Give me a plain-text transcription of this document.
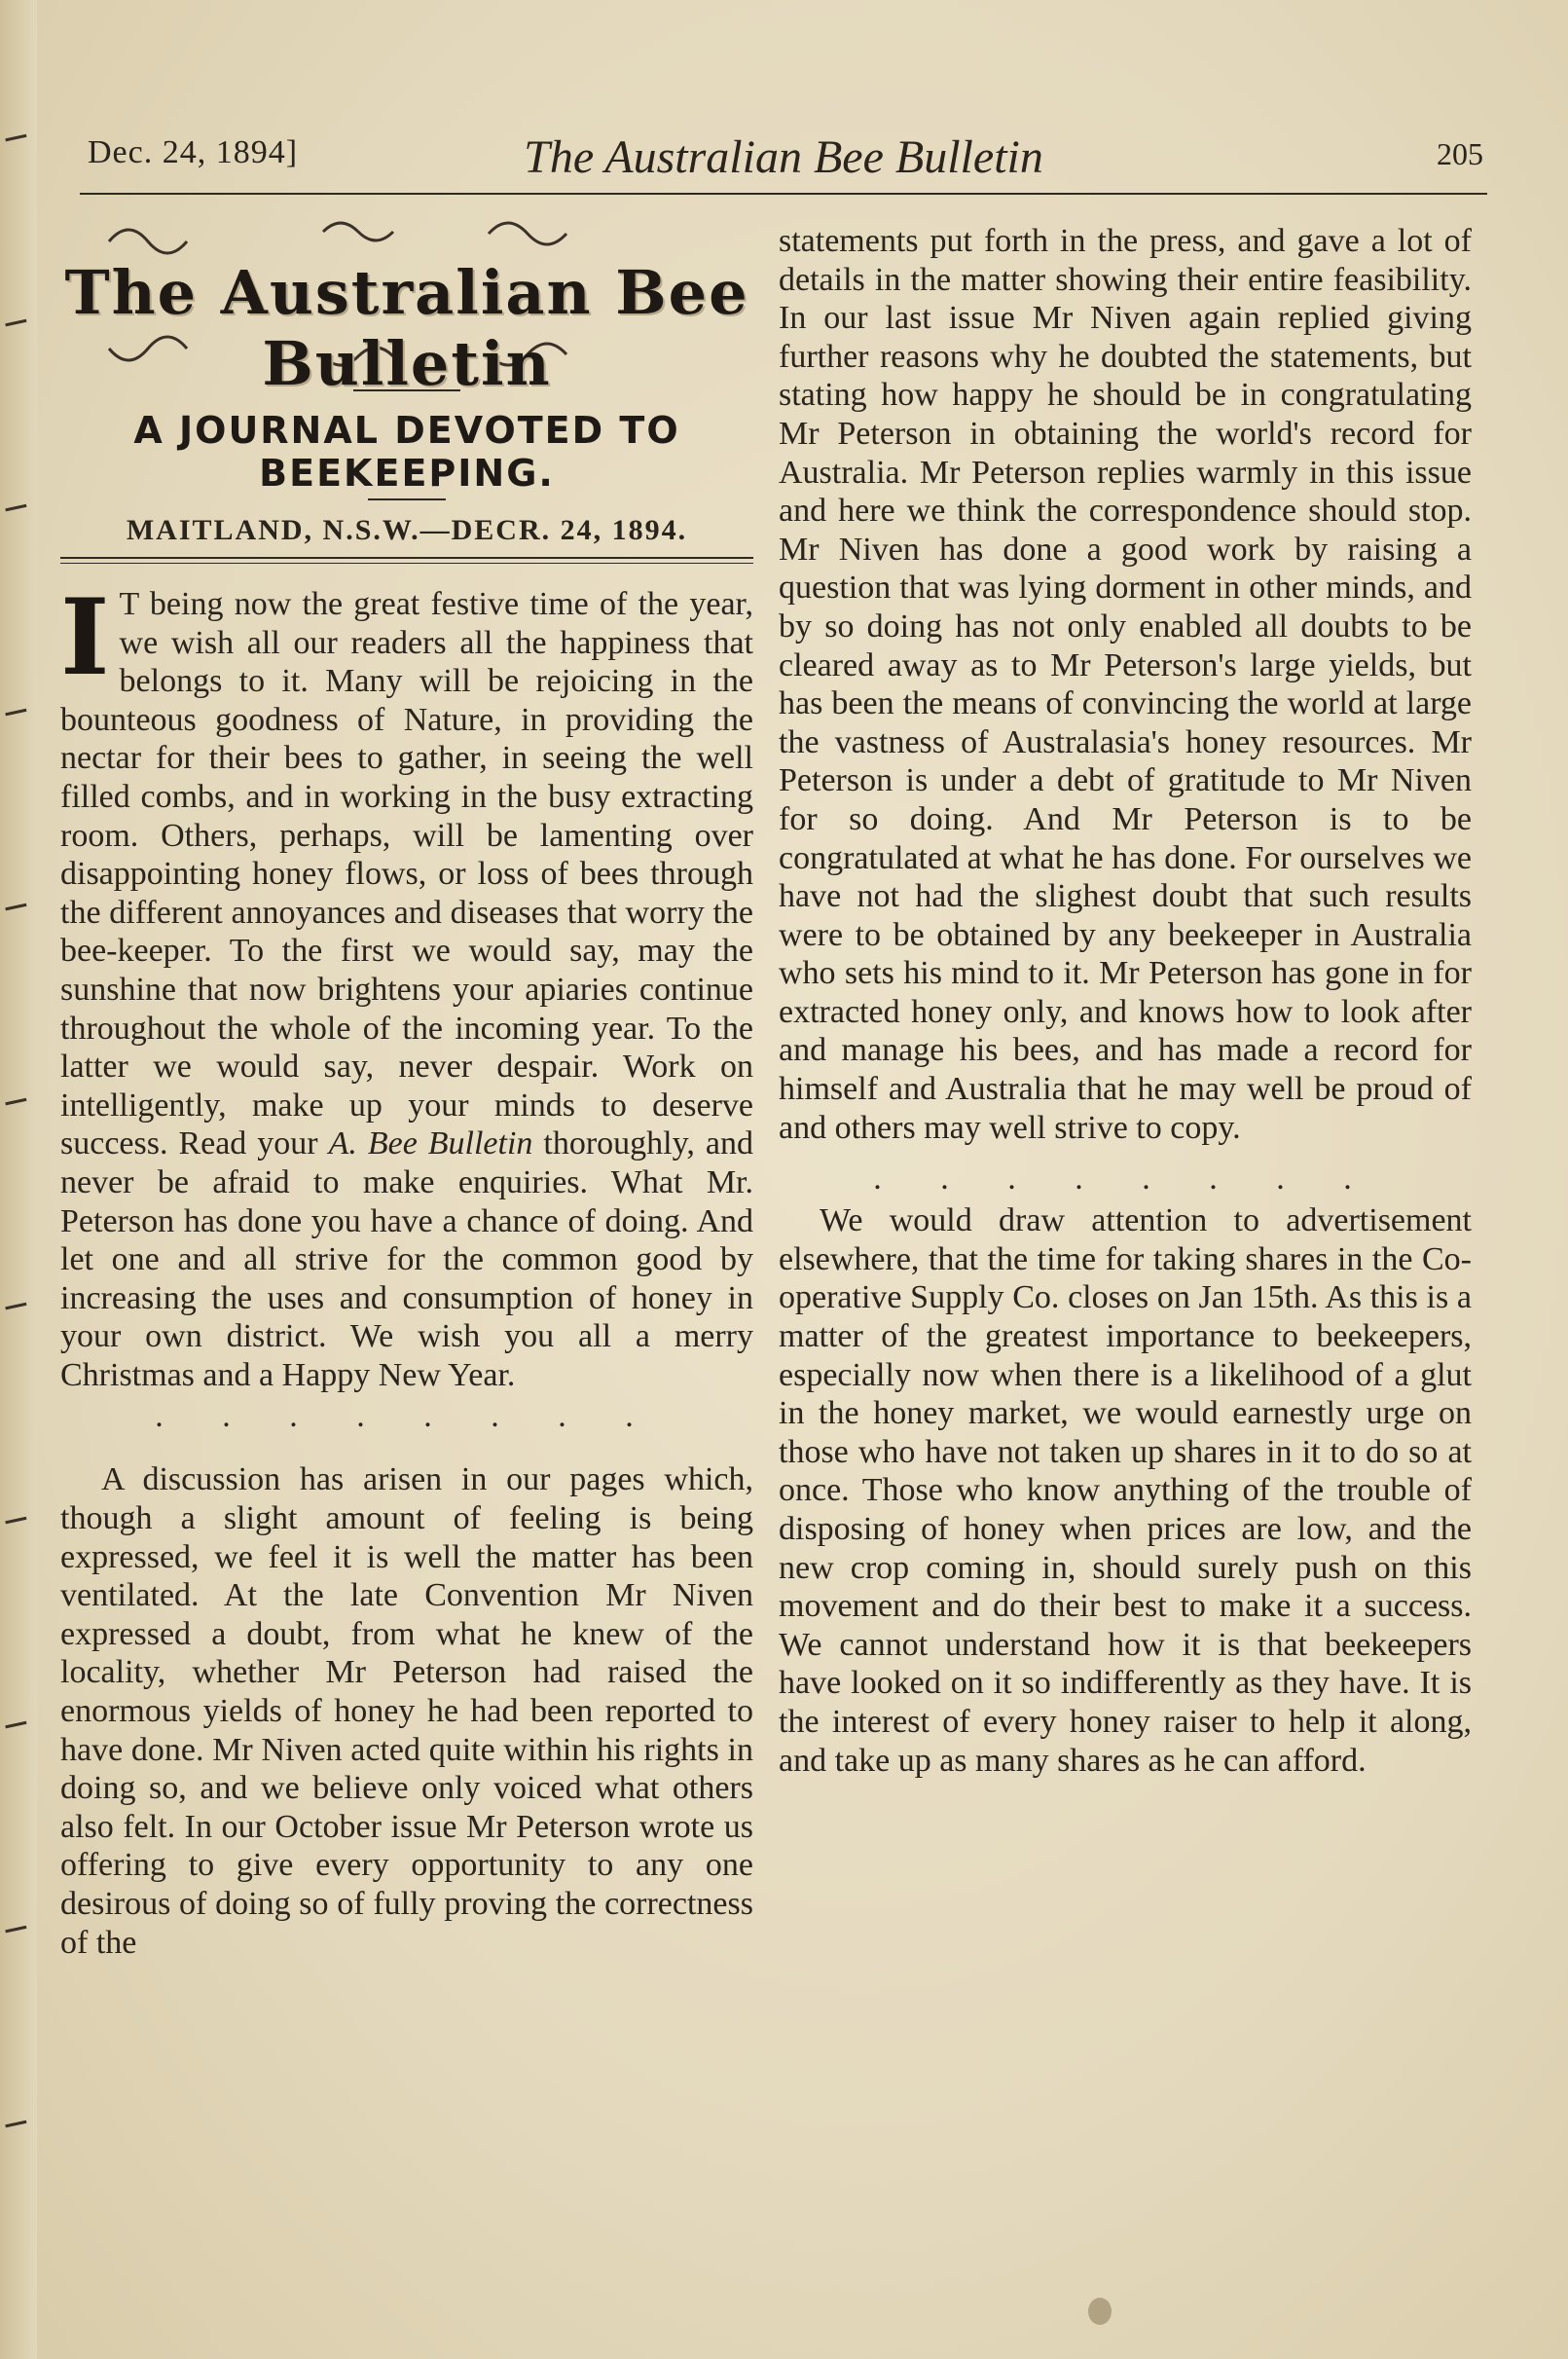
Dec. 24, 1894]	The Australian Bee Bulletin	205
The Australian Bee Bulletin
A JOURNAL DEVOTED TO BEEKEEPING.
MAITLAND, N.S.W.—DECR. 24, 1894.

I T being now the great festive time of the year, we wish all our readers all the happiness that belongs to it. Many will be rejoicing in the bounteous goodness of Nature, in providing the nectar for their bees to gather, in seeing the well filled combs, and in working in the busy extracting room. Others, perhaps, will be lamenting over disappointing honey flows, or loss of bees through the different annoyances and diseases that worry the bee-keeper. To the first we would say, may the sunshine that now brightens your apiaries continue throughout the whole of the incoming year. To the latter we would say, never despair. Work on intelligently, make up your minds to deserve success. Read your A. Bee Bulletin thoroughly, and never be afraid to make enquiries. What Mr. Peterson has done you have a chance of doing. And let one and all strive for the common good by increasing the uses and consumption of honey in your own district. We wish you all a merry Christmas and a Happy New Year.

. . . . . . . .

A discussion has arisen in our pages which, though a slight amount of feeling is being expressed, we feel it is well the matter has been ventilated. At the late Convention Mr Niven expressed a doubt, from what he knew of the locality, whether Mr Peterson had raised the enormous yields of honey he had been reported to have done. Mr Niven acted quite within his rights in doing so, and we believe only voiced what others also felt. In our October issue Mr Peterson wrote us offering to give every opportunity to any one desirous of doing so of fully proving the correctness of the

statements put forth in the press, and gave a lot of details in the matter showing their entire feasibility. In our last issue Mr Niven again replied giving further reasons why he doubted the statements, but stating how happy he should be in congratulating Mr Peterson in obtaining the world's record for Australia. Mr Peterson replies warmly in this issue and here we think the correspondence should stop. Mr Niven has done a good work by raising a question that was lying dorment in other minds, and by so doing has not only enabled all doubts to be cleared away as to Mr Peterson's large yields, but has been the means of convincing the world at large the vastness of Australasia's honey resources. Mr Peterson is under a debt of gratitude to Mr Niven for so doing. And Mr Peterson is to be congratulated at what he has done. For ourselves we have not had the slighest doubt that such results were to be obtained by any beekeeper in Australia who sets his mind to it. Mr Peterson has gone in for extracted honey only, and knows how to look after and manage his bees, and has made a record for himself and Australia that he may well be proud of and others may well strive to copy.

. . . . . . . .

We would draw attention to advertisement elsewhere, that the time for taking shares in the Co-operative Supply Co. closes on Jan 15th. As this is a matter of the greatest importance to beekeepers, especially now when there is a likelihood of a glut in the honey market, we would earnestly urge on those who have not taken up shares in it to do so at once. Those who know anything of the trouble of disposing of honey when prices are low, and the new crop coming in, should surely push on this movement and do their best to make it a success. We cannot understand how it is that beekeepers have looked on it so indifferently as they have. It is the interest of every honey raiser to help it along, and take up as many shares as he can afford.
